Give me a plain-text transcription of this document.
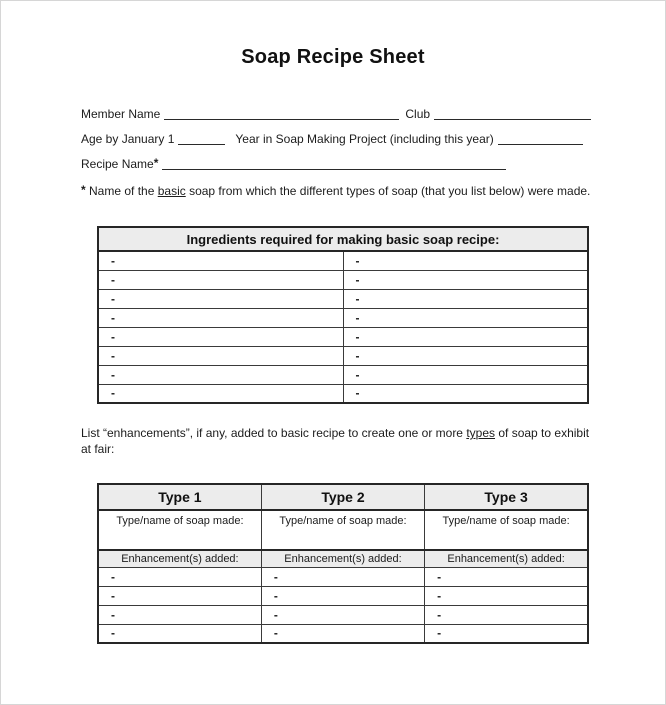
Soap Recipe Sheet
Member Name	Club
Age by January 1	Year in Soap Making Project (including this year)
Recipe Name*
* Name of the basic soap from which the different types of soap (that you list below) were made.
Ingredients required for making basic soap recipe:	
-	-
-	-
-	-
-	-
-	-
-	-
-	-
-	-
List “enhancements”, if any, added to basic recipe to create one or more types of soap to exhibit at fair:
Type 1	Type 2	Type 3
Type/name of soap made:	Type/name of soap made:	Type/name of soap made:
Enhancement(s) added:	Enhancement(s) added:	Enhancement(s) added:
-	-	-
-	-	-
-	-	-
-	-	-
